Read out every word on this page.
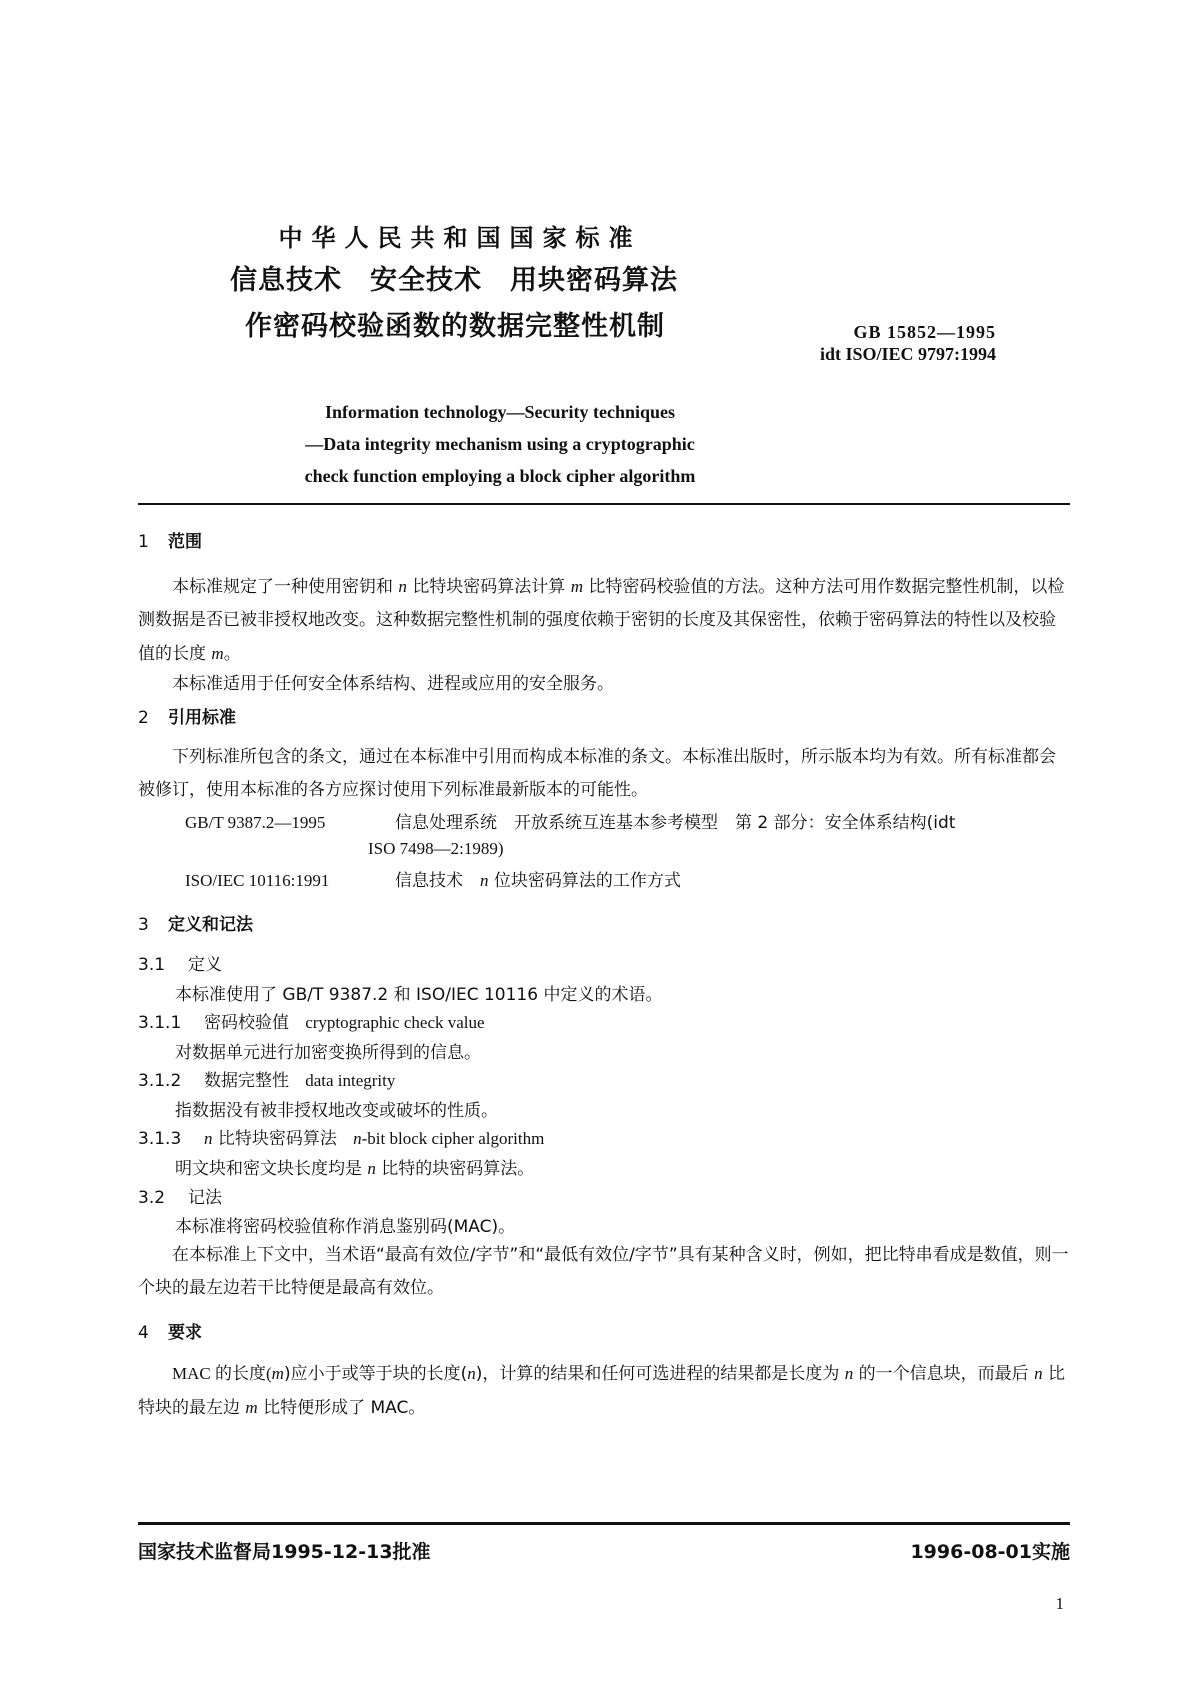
中华人民共和国国家标准
信息技术　安全技术　用块密码算法
作密码校验函数的数据完整性机制	GB 15852—1995
idt ISO/IEC 9797:1994
Information technology—Security techniques
—Data integrity mechanism using a cryptographic
check function employing a block cipher algorithm
1 范围
本标准规定了一种使用密钥和 n 比特块密码算法计算 m 比特密码校验值的方法。这种方法可用作数据完整性机制，以检测数据是否已被非授权地改变。这种数据完整性机制的强度依赖于密钥的长度及其保密性，依赖于密码算法的特性以及校验值的长度 m。
本标准适用于任何安全体系结构、进程或应用的安全服务。
2 引用标准
下列标准所包含的条文，通过在本标准中引用而构成本标准的条文。本标准出版时，所示版本均为有效。所有标准都会被修订，使用本标准的各方应探讨使用下列标准最新版本的可能性。
GB/T 9387.2—1995	信息处理系统　开放系统互连基本参考模型　第 2 部分：安全体系结构(idt
ISO 7498—2:1989)
ISO/IEC 10116:1991	信息技术　n 位块密码算法的工作方式
3 定义和记法
3.1 定义
本标准使用了 GB/T 9387.2 和 ISO/IEC 10116 中定义的术语。
3.1.1 密码校验值 cryptographic check value
对数据单元进行加密变换所得到的信息。
3.1.2 数据完整性 data integrity
指数据没有被非授权地改变或破坏的性质。
3.1.3 n 比特块密码算法 n-bit block cipher algorithm
明文块和密文块长度均是 n 比特的块密码算法。
3.2 记法
本标准将密码校验值称作消息鉴别码(MAC)。
在本标准上下文中，当术语“最高有效位/字节”和“最低有效位/字节”具有某种含义时，例如，把比特串看成是数值，则一个块的最左边若干比特便是最高有效位。
4 要求
MAC 的长度(m)应小于或等于块的长度(n)，计算的结果和任何可选进程的结果都是长度为 n 的一个信息块，而最后 n 比特块的最左边 m 比特便形成了 MAC。
国家技术监督局1995-12-13批准	1996-08-01实施
1
